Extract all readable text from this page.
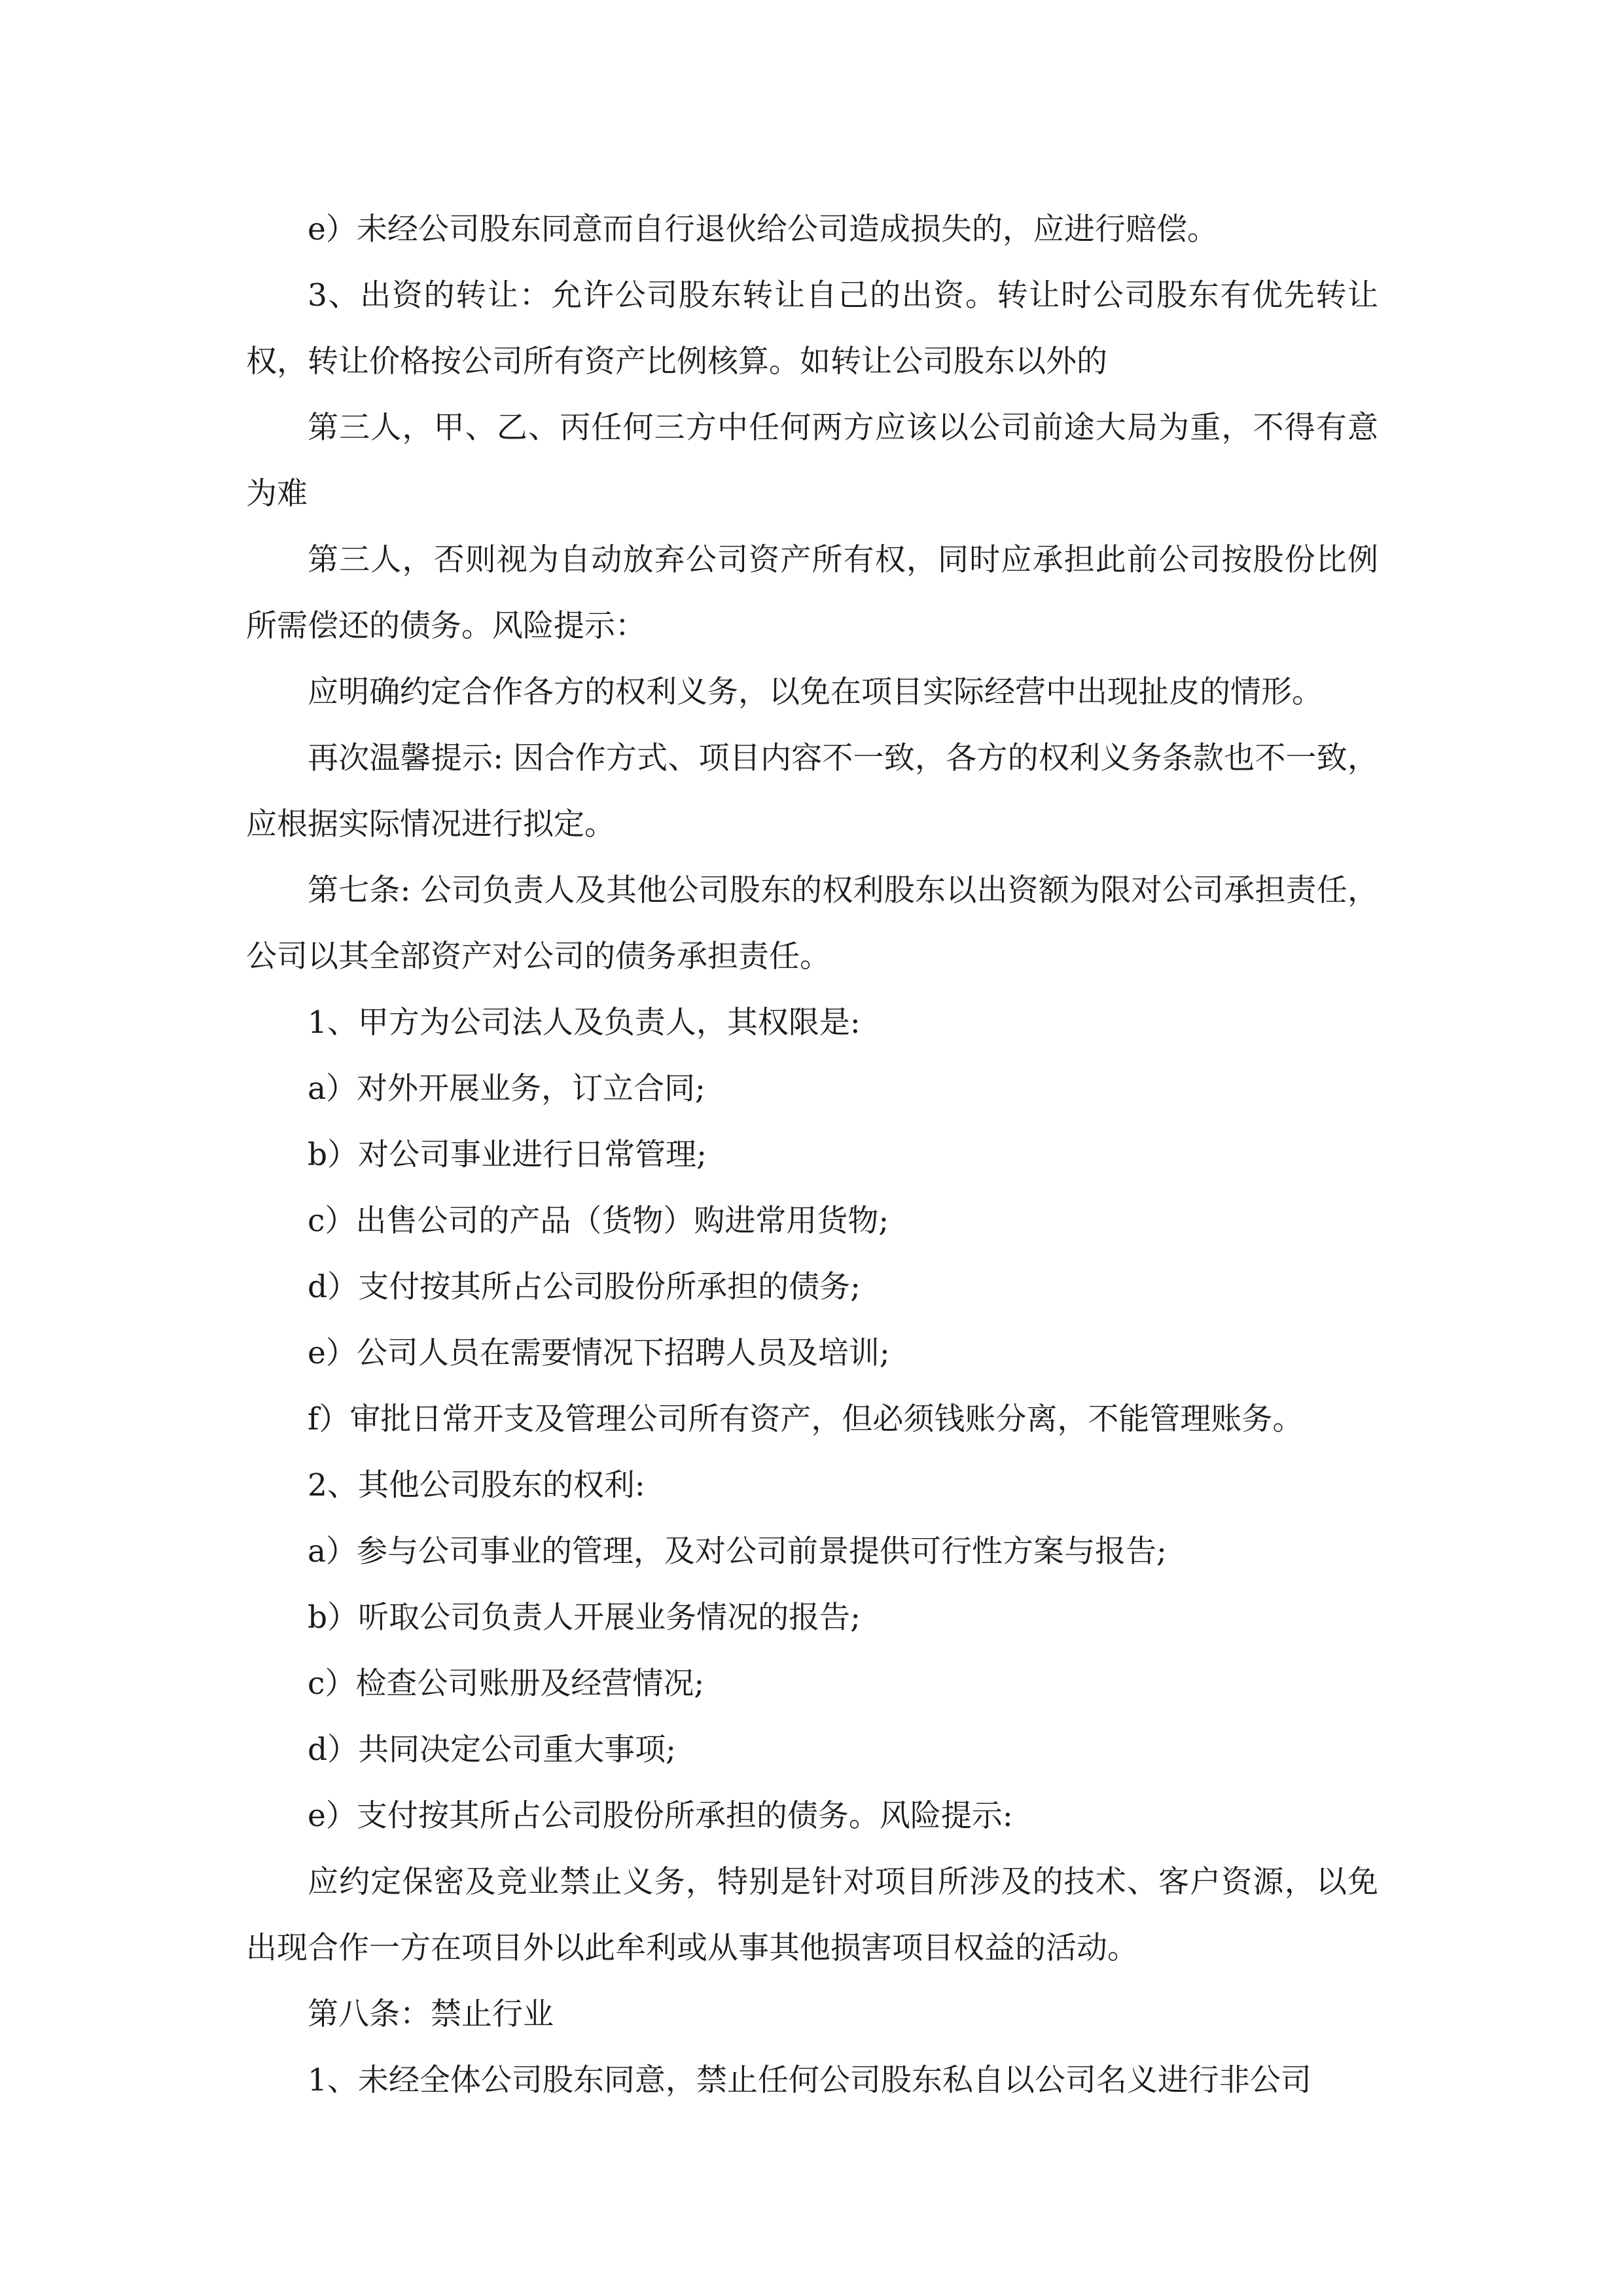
e）未经公司股东同意而自行退伙给公司造成损失的，应进行赔偿。

3、出资的转让：允许公司股东转让自己的出资。转让时公司股东有优先转让权，转让价格按公司所有资产比例核算。如转让公司股东以外的

第三人，甲、乙、丙任何三方中任何两方应该以公司前途大局为重，不得有意为难

第三人，否则视为自动放弃公司资产所有权，同时应承担此前公司按股份比例所需偿还的债务。风险提示：

应明确约定合作各方的权利义务，以免在项目实际经营中出现扯皮的情形。

再次温馨提示: 因合作方式、项目内容不一致，各方的权利义务条款也不一致，应根据实际情况进行拟定。

第七条: 公司负责人及其他公司股东的权利股东以出资额为限对公司承担责任，公司以其全部资产对公司的债务承担责任。

1、甲方为公司法人及负责人，其权限是:

a）对外开展业务，订立合同;

b）对公司事业进行日常管理;

c）出售公司的产品（货物）购进常用货物;

d）支付按其所占公司股份所承担的债务;

e）公司人员在需要情况下招聘人员及培训;

f）审批日常开支及管理公司所有资产，但必须钱账分离，不能管理账务。

2、其他公司股东的权利:

a）参与公司事业的管理，及对公司前景提供可行性方案与报告;

b）听取公司负责人开展业务情况的报告;

c）检查公司账册及经营情况;

d）共同决定公司重大事项;

e）支付按其所占公司股份所承担的债务。风险提示:

应约定保密及竞业禁止义务，特别是针对项目所涉及的技术、客户资源，以免出现合作一方在项目外以此牟利或从事其他损害项目权益的活动。

第八条：禁止行业

1、未经全体公司股东同意，禁止任何公司股东私自以公司名义进行非公司
